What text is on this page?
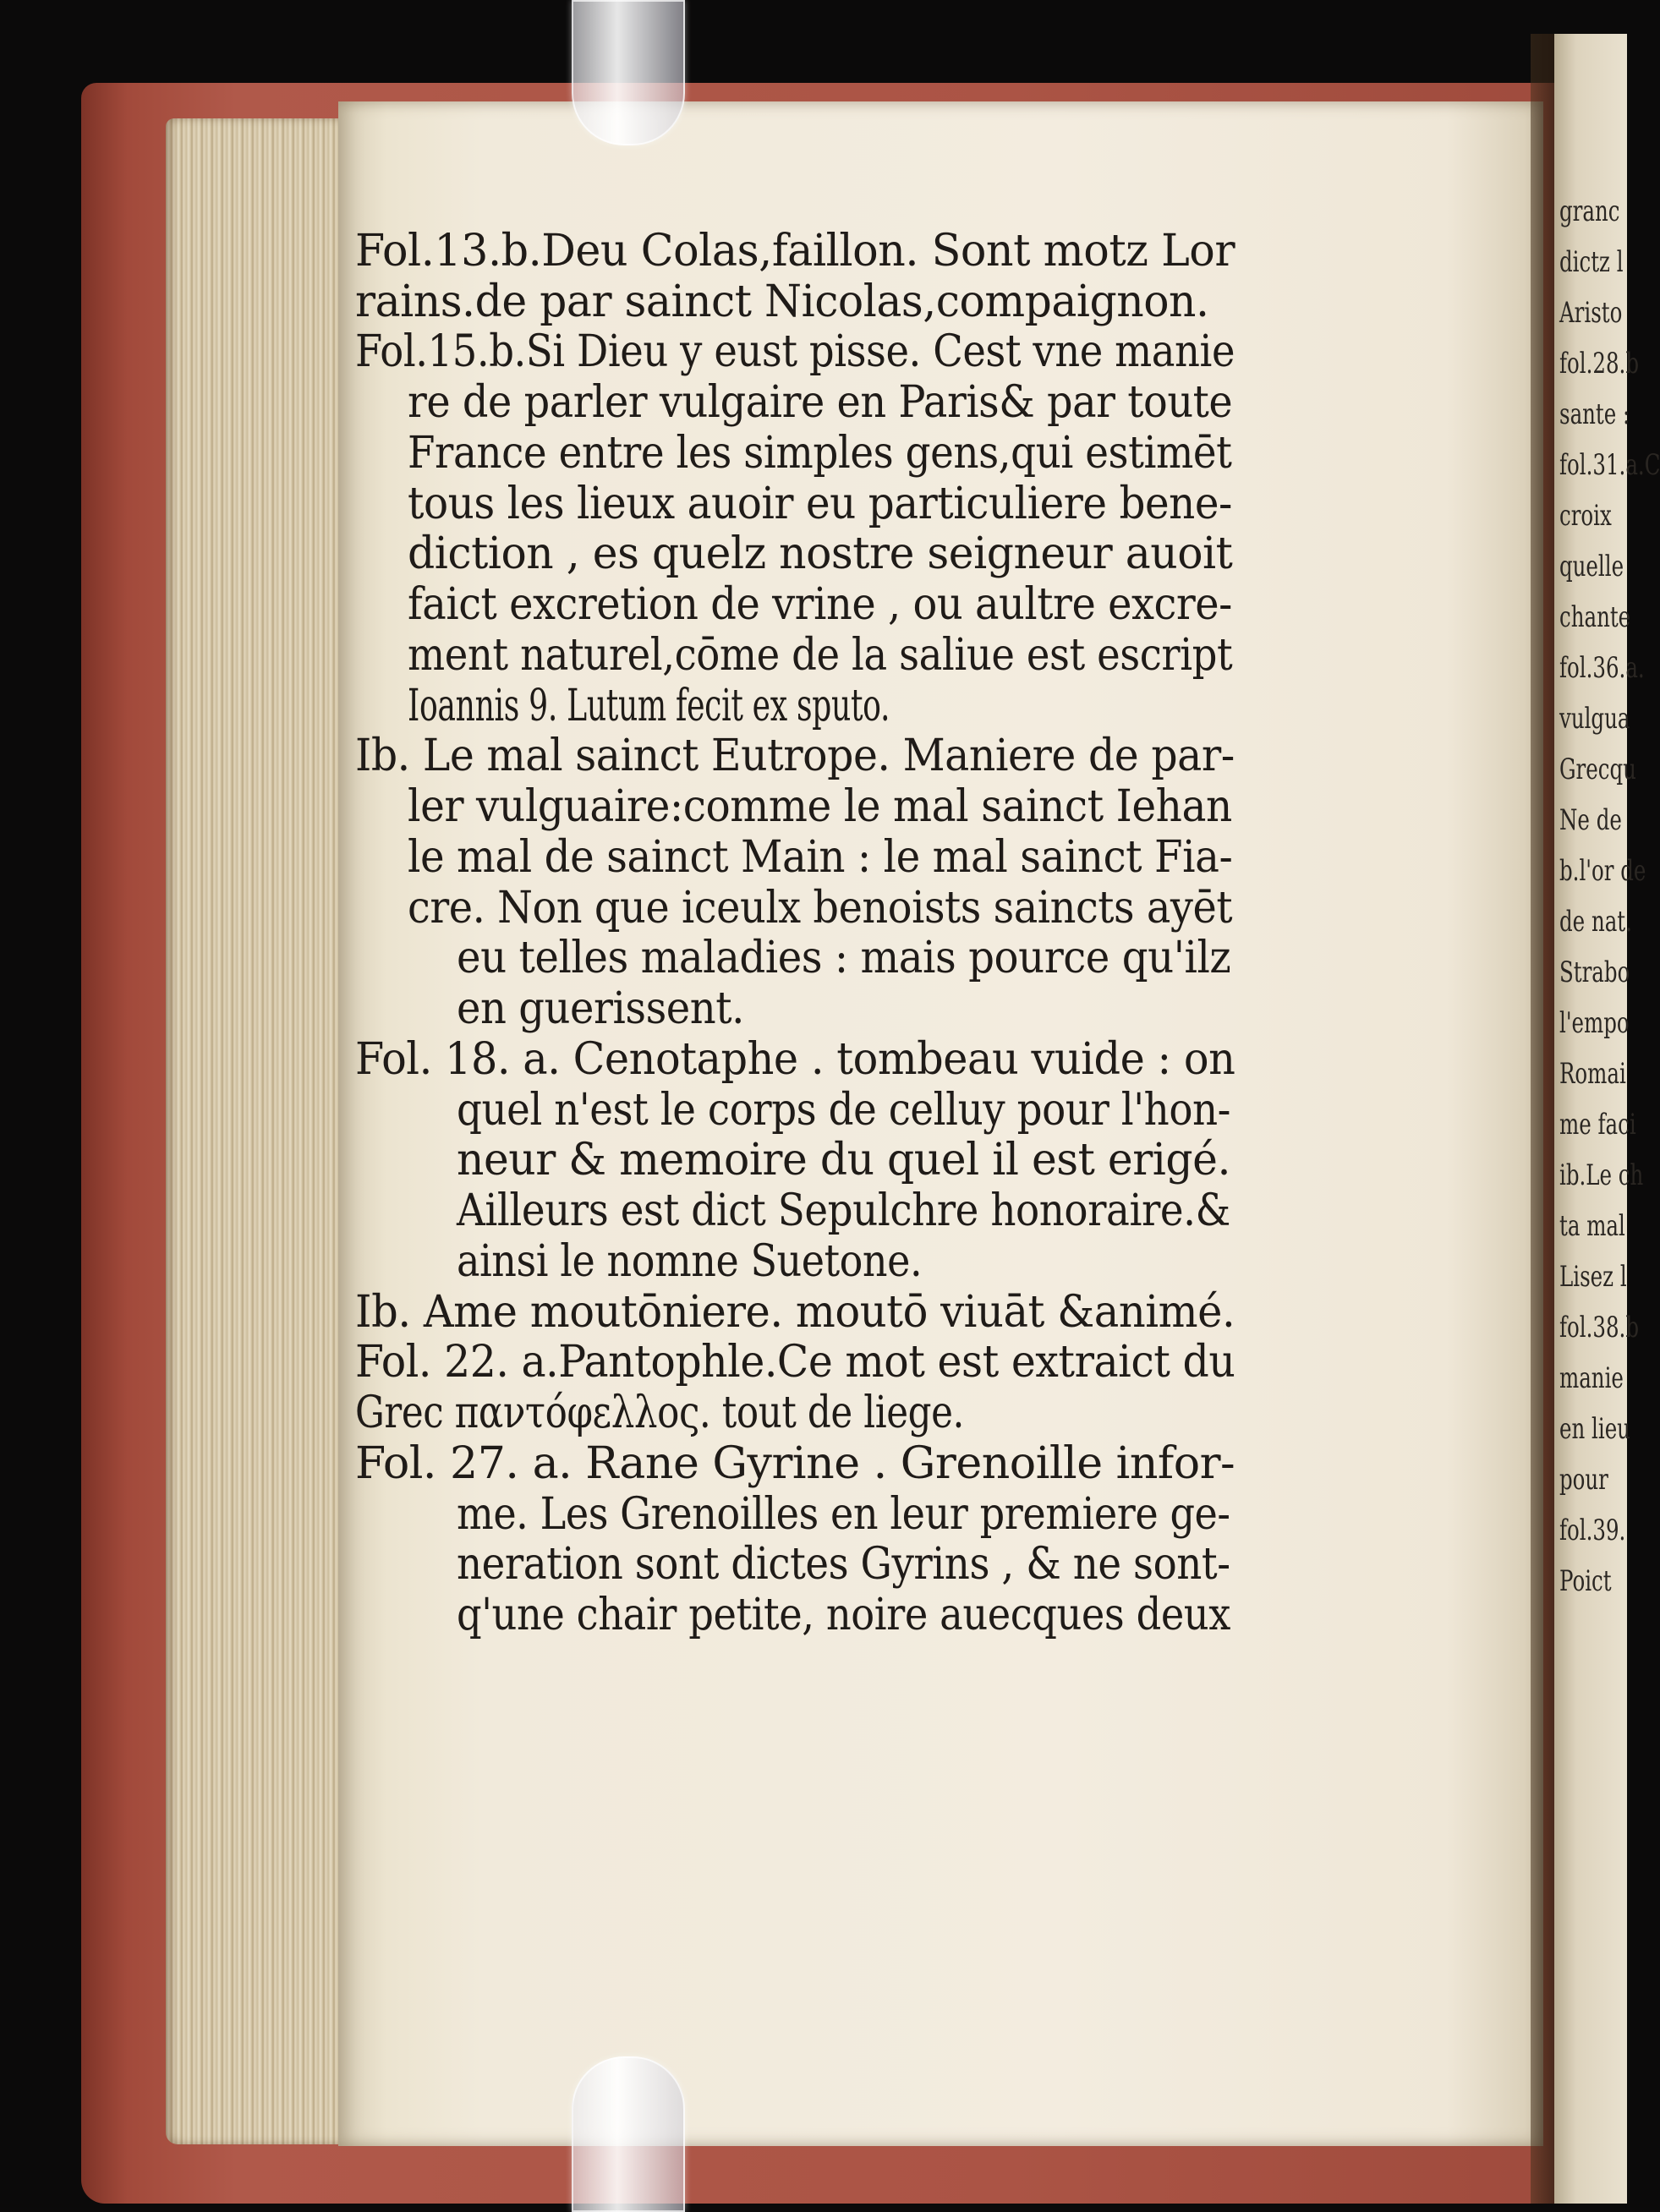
granc
dictz l
Aristo
fol.28.b
sante :
fol.31.a.C
croix
quelle
chante
fol.36.a.
vulgua
Grecqu
Ne de
b.l'or de
de nat.
Strabo
l'empo
Romai
me faci
ib.Le ch
ta mal
Lisez l
fol.38.b
manie
en lieu
pour
fol.39.
Poict
Fol.13.b.Deu Colas,faillon. Sont motz Lor
rains.de par sainct Nicolas,compaignon.
Fol.15.b.Si Dieu y eust pisse. Cest vne manie
re de parler vulgaire en Paris& par toute
France entre les simples gens,qui estimēt
tous les lieux auoir eu particuliere bene-
diction , es quelz nostre seigneur auoit
faict excretion de vrine , ou aultre excre-
ment naturel,cōme de la saliue est escript
Ioannis 9. Lutum fecit ex sputo.
Ib. Le mal sainct Eutrope. Maniere de par-
ler vulguaire:comme le mal sainct Iehan
le mal de sainct Main : le mal sainct Fia-
cre. Non que iceulx benoists saincts ayēt
eu telles maladies : mais pource qu'ilz
en guerissent.
Fol. 18. a. Cenotaphe . tombeau vuide : on
quel n'est le corps de celluy pour l'hon-
neur & memoire du quel il est erigé.
Ailleurs est dict Sepulchre honoraire.&
ainsi le nomne Suetone.
Ib. Ame moutōniere. moutō viuāt &animé.
Fol. 22. a.Pantophle.Ce mot est extraict du
Grec παντόφελλος. tout de liege.
Fol. 27. a. Rane Gyrine . Grenoille infor-
me. Les Grenoilles en leur premiere ge-
neration sont dictes Gyrins , & ne sont-
q'une chair petite, noire auecques deux
